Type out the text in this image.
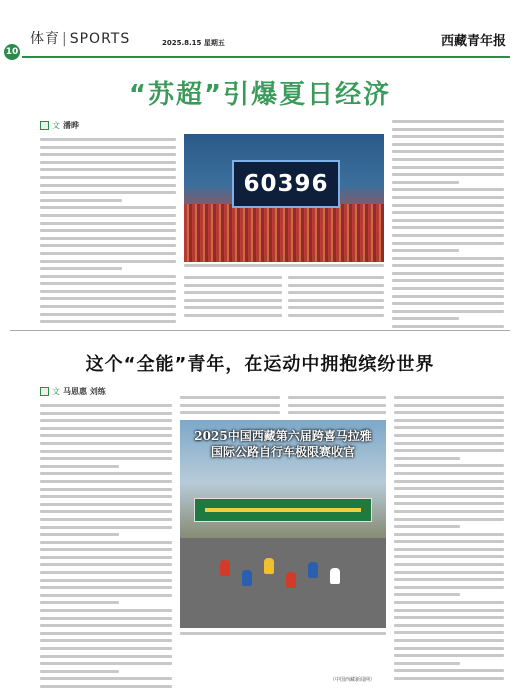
10
体育 | SPORTS	2025.8.15 星期五	西藏青年报
“苏超”引爆夏日经济
文 潘晔
60396
这个“全能”青年，在运动中拥抱缤纷世界
文 马恩惠 刘练
2025中国西藏第六届跨喜马拉雅
国际公路自行车极限赛收官
（中国西藏新闻网）
